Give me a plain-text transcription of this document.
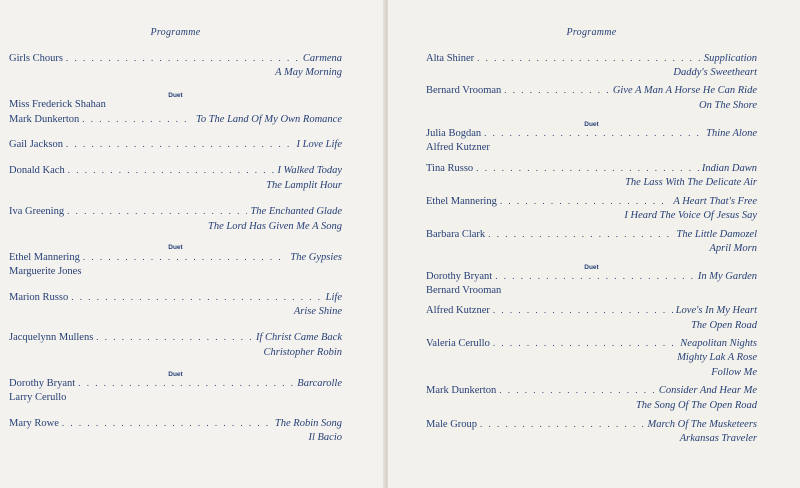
Programme
Girls Chours . . .	Carmena
A May Morning
Duet
Miss Frederick Shahan
Mark Dunkerton . . .	To The Land Of My Own Romance
Gail Jackson . . .	I Love Life
Donald Kach . . .	I Walked Today
The Lamplit Hour
Iva Greening . . .	The Enchanted Glade
The Lord Has Given Me A Song
Duet
Ethel Mannering . . .	The Gypsies
Marguerite Jones
Marion Russo . . .	Life
Arise Shine
Jacquelynn Mullens . . .	If Christ Came Back
Christopher Robin
Duet
Dorothy Bryant . . .	Barcarolle
Larry Cerullo
Mary Rowe . . .	The Robin Song
Il Bacio
Programme
Alta Shiner . . .	Supplication
Daddy's Sweetheart
Bernard Vrooman . . .	Give A Man A Horse He Can Ride
On The Shore
Duet
Julia Bogdan . . .	Thine Alone
Alfred Kutzner
Tina Russo . . .	Indian Dawn
The Lass With The Delicate Air
Ethel Mannering . . .	A Heart That's Free
I Heard The Voice Of Jesus Say
Barbara Clark . . .	The Little Damozel
April Morn
Duet
Dorothy Bryant . . .	In My Garden
Bernard Vrooman
Alfred Kutzner . . .	Love's In My Heart
The Open Road
Valeria Cerullo . . .	Neapolitan Nights
Mighty Lak A Rose
Follow Me
Mark Dunkerton . . .	Consider And Hear Me
The Song Of The Open Road
Male Group . . .	March Of The Musketeers
Arkansas Traveler
